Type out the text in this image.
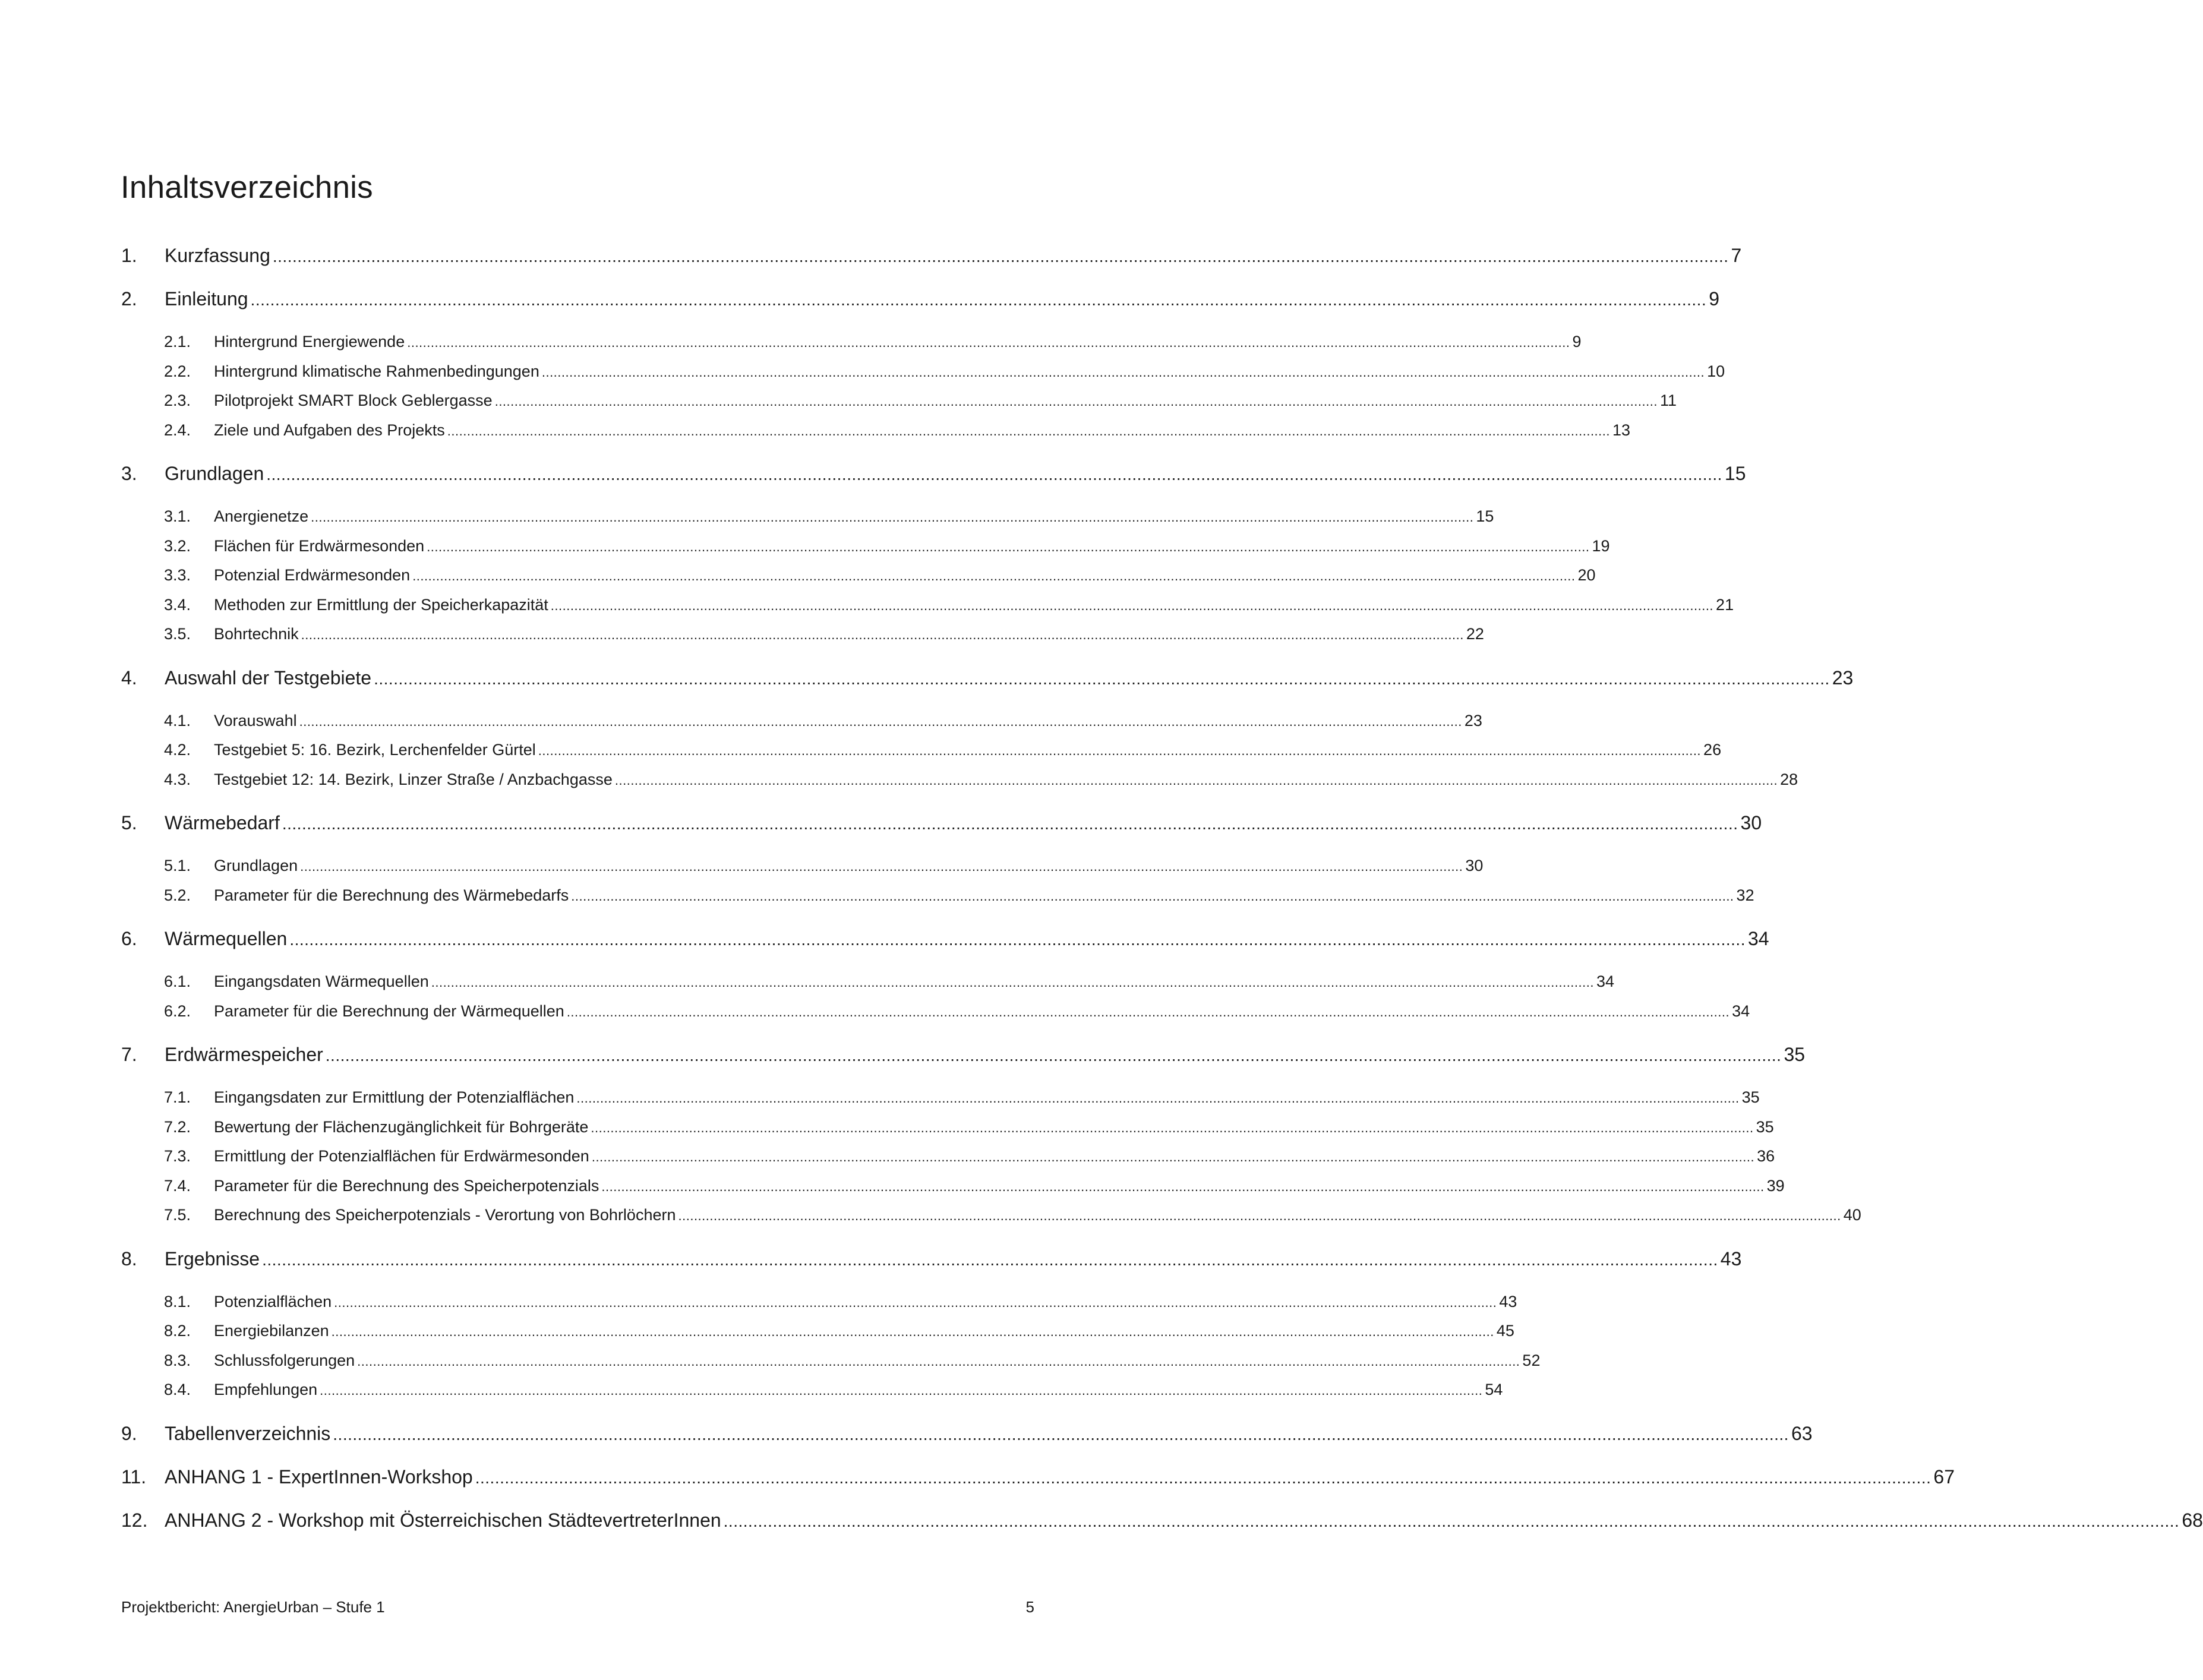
Inhaltsverzeichnis
1.	Kurzfassung ........................................................................................................................................................................................................................................................................................................ 7
2.	Einleitung ........................................................................................................................................................................................................................................................................................................ 9
2.1.	Hintergrund Energiewende ........................................................................................................................................................................................................................................................................................................ 9
2.2.	Hintergrund klimatische Rahmenbedingungen ........................................................................................................................................................................................................................................................................................................ 10
2.3.	Pilotprojekt SMART Block Geblergasse ........................................................................................................................................................................................................................................................................................................ 11
2.4.	Ziele und Aufgaben des Projekts ........................................................................................................................................................................................................................................................................................................ 13
3.	Grundlagen ........................................................................................................................................................................................................................................................................................................ 15
3.1.	Anergienetze ........................................................................................................................................................................................................................................................................................................ 15
3.2.	Flächen für Erdwärmesonden ........................................................................................................................................................................................................................................................................................................ 19
3.3.	Potenzial Erdwärmesonden ........................................................................................................................................................................................................................................................................................................ 20
3.4.	Methoden zur Ermittlung der Speicherkapazität ........................................................................................................................................................................................................................................................................................................ 21
3.5.	Bohrtechnik ........................................................................................................................................................................................................................................................................................................ 22
4.	Auswahl der Testgebiete ........................................................................................................................................................................................................................................................................................................ 23
4.1.	Vorauswahl ........................................................................................................................................................................................................................................................................................................ 23
4.2.	Testgebiet 5: 16. Bezirk, Lerchenfelder Gürtel ........................................................................................................................................................................................................................................................................................................ 26
4.3.	Testgebiet 12: 14. Bezirk, Linzer Straße / Anzbachgasse ........................................................................................................................................................................................................................................................................................................ 28
5.	Wärmebedarf ........................................................................................................................................................................................................................................................................................................ 30
5.1.	Grundlagen ........................................................................................................................................................................................................................................................................................................ 30
5.2.	Parameter für die Berechnung des Wärmebedarfs ........................................................................................................................................................................................................................................................................................................ 32
6.	Wärmequellen ........................................................................................................................................................................................................................................................................................................ 34
6.1.	Eingangsdaten Wärmequellen ........................................................................................................................................................................................................................................................................................................ 34
6.2.	Parameter für die Berechnung der Wärmequellen ........................................................................................................................................................................................................................................................................................................ 34
7.	Erdwärmespeicher ........................................................................................................................................................................................................................................................................................................ 35
7.1.	Eingangsdaten zur Ermittlung der Potenzialflächen ........................................................................................................................................................................................................................................................................................................ 35
7.2.	Bewertung der Flächenzugänglichkeit für Bohrgeräte ........................................................................................................................................................................................................................................................................................................ 35
7.3.	Ermittlung der Potenzialflächen für Erdwärmesonden ........................................................................................................................................................................................................................................................................................................ 36
7.4.	Parameter für die Berechnung des Speicherpotenzials ........................................................................................................................................................................................................................................................................................................ 39
7.5.	Berechnung des Speicherpotenzials - Verortung von Bohrlöchern ........................................................................................................................................................................................................................................................................................................ 40
8.	Ergebnisse ........................................................................................................................................................................................................................................................................................................ 43
8.1.	Potenzialflächen ........................................................................................................................................................................................................................................................................................................ 43
8.2.	Energiebilanzen ........................................................................................................................................................................................................................................................................................................ 45
8.3.	Schlussfolgerungen ........................................................................................................................................................................................................................................................................................................ 52
8.4.	Empfehlungen ........................................................................................................................................................................................................................................................................................................ 54
9.	Tabellenverzeichnis ........................................................................................................................................................................................................................................................................................................ 63
11. ANHANG 1 - ExpertInnen-Workshop ........................................................................................................................................................................................................................................................................................................ 67
12. ANHANG 2 - Workshop mit Österreichischen StädtevertreterInnen ........................................................................................................................................................................................................................................................................................................ 68
Projektbericht: AnergieUrban – Stufe 1	5
